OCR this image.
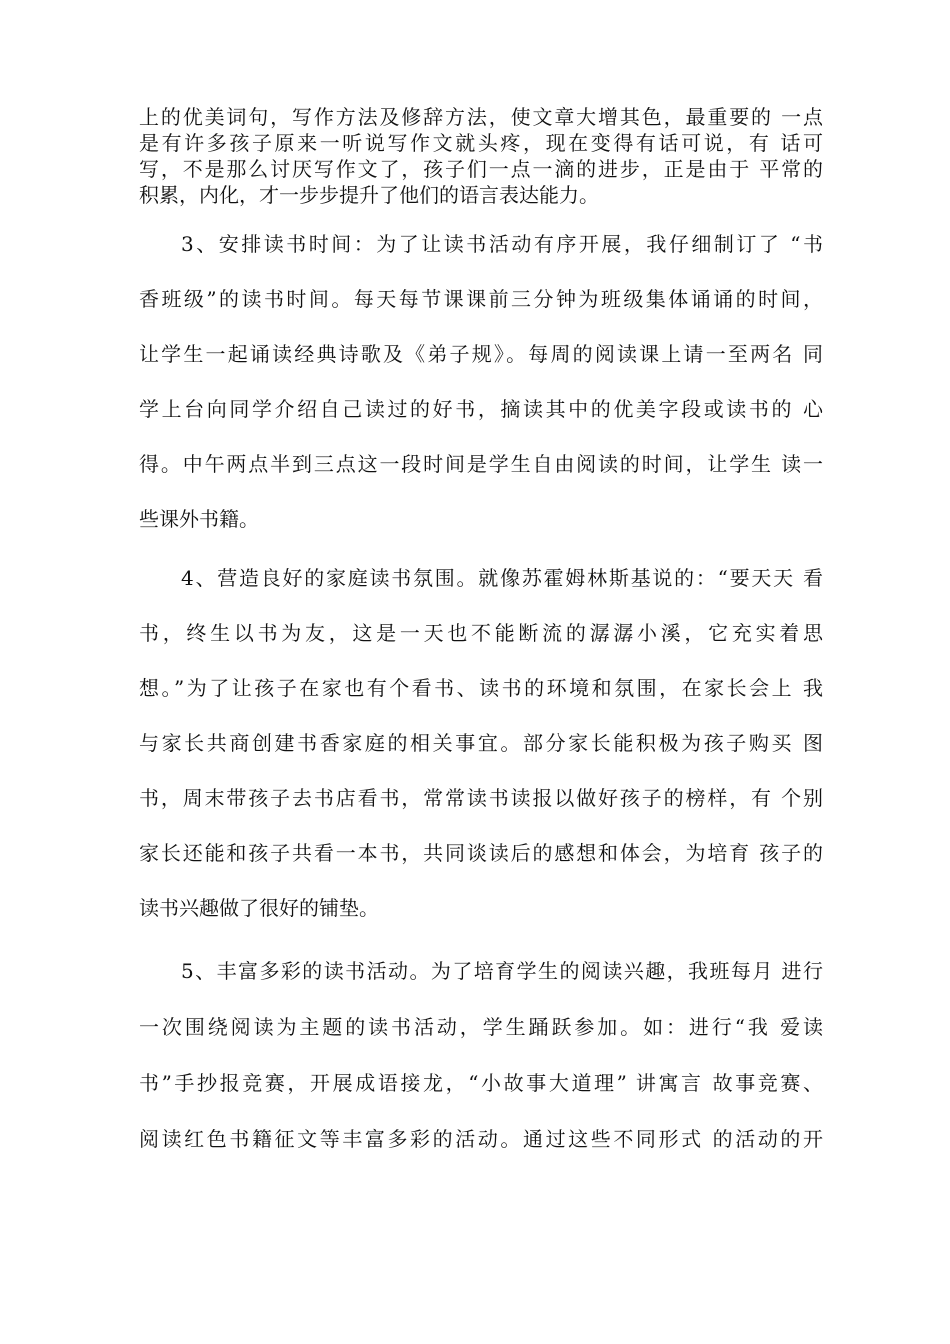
上的优美词句，写作方法及修辞方法，使文章大增其色，最重要的 一点
是有许多孩子原来一听说写作文就头疼，现在变得有话可说，有 话可
写，不是那么讨厌写作文了，孩子们一点一滴的进步，正是由于 平常的
积累，内化，才一步步提升了他们的语言表达能力。
3、安排读书时间：为了让读书活动有序开展，我仔细制订了 “书
香班级”的读书时间。每天每节课课前三分钟为班级集体诵诵的时间，
让学生一起诵读经典诗歌及《弟子规》。每周的阅读课上请一至两名 同
学上台向同学介绍自己读过的好书，摘读其中的优美字段或读书的 心
得。中午两点半到三点这一段时间是学生自由阅读的时间，让学生 读一
些课外书籍。
4、营造良好的家庭读书氛围。就像苏霍姆林斯基说的：“要天天 看
书，终生以书为友，这是一天也不能断流的潺潺小溪，它充实着思
想。”为了让孩子在家也有个看书、读书的环境和氛围，在家长会上 我
与家长共商创建书香家庭的相关事宜。部分家长能积极为孩子购买 图
书，周末带孩子去书店看书，常常读书读报以做好孩子的榜样，有 个别
家长还能和孩子共看一本书，共同谈读后的感想和体会，为培育 孩子的
读书兴趣做了很好的铺垫。
5、丰富多彩的读书活动。为了培育学生的阅读兴趣，我班每月 进行
一次围绕阅读为主题的读书活动，学生踊跃参加。如：进行“我 爱读
书”手抄报竞赛，开展成语接龙，“小故事大道理” 讲寓言 故事竞赛、
阅读红色书籍征文等丰富多彩的活动。通过这些不同形式 的活动的开
